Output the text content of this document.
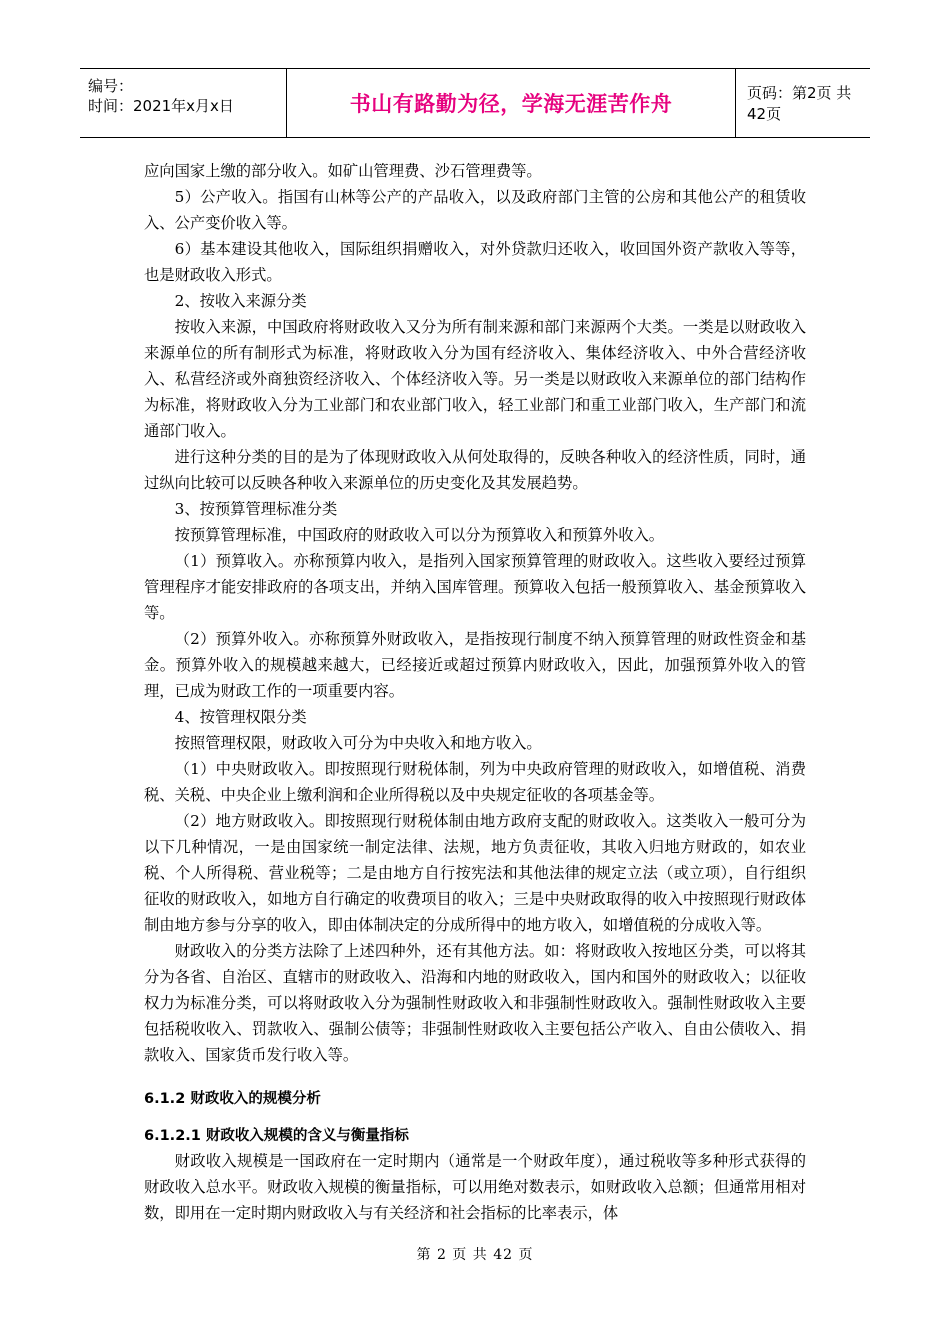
编号：
时间：2021年x月x日	书山有路勤为径，学海无涯苦作舟	页码：第2页 共42页

应向国家上缴的部分收入。如矿山管理费、沙石管理费等。

5）公产收入。指国有山林等公产的产品收入，以及政府部门主管的公房和其他公产的租赁收入、公产变价收入等。

6）基本建设其他收入，国际组织捐赠收入，对外贷款归还收入，收回国外资产款收入等等，也是财政收入形式。

2、按收入来源分类

按收入来源，中国政府将财政收入又分为所有制来源和部门来源两个大类。一类是以财政收入来源单位的所有制形式为标准，将财政收入分为国有经济收入、集体经济收入、中外合营经济收入、私营经济或外商独资经济收入、个体经济收入等。另一类是以财政收入来源单位的部门结构作为标准，将财政收入分为工业部门和农业部门收入，轻工业部门和重工业部门收入，生产部门和流通部门收入。

进行这种分类的目的是为了体现财政收入从何处取得的，反映各种收入的经济性质，同时，通过纵向比较可以反映各种收入来源单位的历史变化及其发展趋势。

3、按预算管理标准分类

按预算管理标准，中国政府的财政收入可以分为预算收入和预算外收入。

（1）预算收入。亦称预算内收入，是指列入国家预算管理的财政收入。这些收入要经过预算管理程序才能安排政府的各项支出，并纳入国库管理。预算收入包括一般预算收入、基金预算收入等。

（2）预算外收入。亦称预算外财政收入，是指按现行制度不纳入预算管理的财政性资金和基金。预算外收入的规模越来越大，已经接近或超过预算内财政收入，因此，加强预算外收入的管理，已成为财政工作的一项重要内容。

4、按管理权限分类

按照管理权限，财政收入可分为中央收入和地方收入。

（1）中央财政收入。即按照现行财税体制，列为中央政府管理的财政收入，如增值税、消费税、关税、中央企业上缴利润和企业所得税以及中央规定征收的各项基金等。

（2）地方财政收入。即按照现行财税体制由地方政府支配的财政收入。这类收入一般可分为以下几种情况，一是由国家统一制定法律、法规，地方负责征收，其收入归地方财政的，如农业税、个人所得税、营业税等；二是由地方自行按宪法和其他法律的规定立法（或立项），自行组织征收的财政收入，如地方自行确定的收费项目的收入；三是中央财政取得的收入中按照现行财政体制由地方参与分享的收入，即由体制决定的分成所得中的地方收入，如增值税的分成收入等。

财政收入的分类方法除了上述四种外，还有其他方法。如：将财政收入按地区分类，可以将其分为各省、自治区、直辖市的财政收入、沿海和内地的财政收入，国内和国外的财政收入；以征收权力为标准分类，可以将财政收入分为强制性财政收入和非强制性财政收入。强制性财政收入主要包括税收收入、罚款收入、强制公债等；非强制性财政收入主要包括公产收入、自由公债收入、捐款收入、国家货币发行收入等。

6.1.2 财政收入的规模分析
6.1.2.1 财政收入规模的含义与衡量指标

财政收入规模是一国政府在一定时期内（通常是一个财政年度），通过税收等多种形式获得的财政收入总水平。财政收入规模的衡量指标，可以用绝对数表示，如财政收入总额；但通常用相对数，即用在一定时期内财政收入与有关经济和社会指标的比率表示，体

第 2 页 共 42 页
